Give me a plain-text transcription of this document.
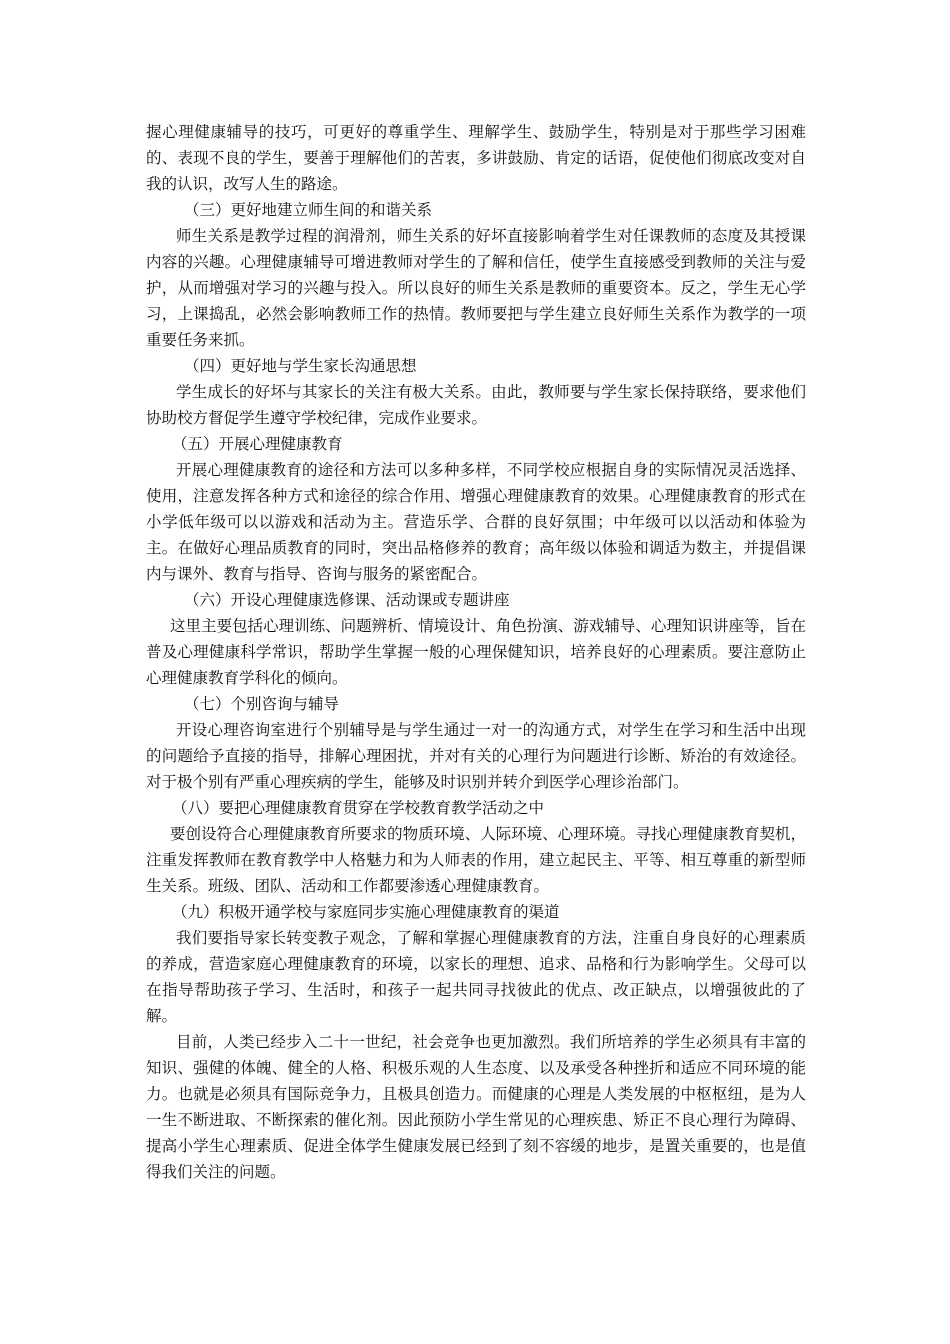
握心理健康辅导的技巧，可更好的尊重学生、理解学生、鼓励学生，特别是对于那些学习困难的、表现不良的学生，要善于理解他们的苦衷，多讲鼓励、肯定的话语，促使他们彻底改变对自我的认识，改写人生的路途。

（三）更好地建立师生间的和谐关系

师生关系是教学过程的润滑剂，师生关系的好坏直接影响着学生对任课教师的态度及其授课内容的兴趣。心理健康辅导可增进教师对学生的了解和信任，使学生直接感受到教师的关注与爱护，从而增强对学习的兴趣与投入。所以良好的师生关系是教师的重要资本。反之，学生无心学习，上课捣乱，必然会影响教师工作的热情。教师要把与学生建立良好师生关系作为教学的一项重要任务来抓。

（四）更好地与学生家长沟通思想

学生成长的好坏与其家长的关注有极大关系。由此，教师要与学生家长保持联络，要求他们协助校方督促学生遵守学校纪律，完成作业要求。

（五）开展心理健康教育

开展心理健康教育的途径和方法可以多种多样，不同学校应根据自身的实际情况灵活选择、使用，注意发挥各种方式和途径的综合作用、增强心理健康教育的效果。心理健康教育的形式在小学低年级可以以游戏和活动为主。营造乐学、合群的良好氛围；中年级可以以活动和体验为主。在做好心理品质教育的同时，突出品格修养的教育；高年级以体验和调适为数主，并提倡课内与课外、教育与指导、咨询与服务的紧密配合。

（六）开设心理健康选修课、活动课或专题讲座

这里主要包括心理训练、问题辨析、情境设计、角色扮演、游戏辅导、心理知识讲座等，旨在普及心理健康科学常识，帮助学生掌握一般的心理保健知识，培养良好的心理素质。要注意防止心理健康教育学科化的倾向。

（七）个别咨询与辅导

开设心理咨询室进行个别辅导是与学生通过一对一的沟通方式，对学生在学习和生活中出现的问题给予直接的指导，排解心理困扰，并对有关的心理行为问题进行诊断、矫治的有效途径。对于极个别有严重心理疾病的学生，能够及时识别并转介到医学心理诊治部门。

（八）要把心理健康教育贯穿在学校教育教学活动之中

要创设符合心理健康教育所要求的物质环境、人际环境、心理环境。寻找心理健康教育契机，注重发挥教师在教育教学中人格魅力和为人师表的作用，建立起民主、平等、相互尊重的新型师生关系。班级、团队、活动和工作都要渗透心理健康教育。

（九）积极开通学校与家庭同步实施心理健康教育的渠道

我们要指导家长转变教子观念，了解和掌握心理健康教育的方法，注重自身良好的心理素质的养成，营造家庭心理健康教育的环境，以家长的理想、追求、品格和行为影响学生。父母可以在指导帮助孩子学习、生活时，和孩子一起共同寻找彼此的优点、改正缺点，以增强彼此的了解。

目前，人类已经步入二十一世纪，社会竞争也更加激烈。我们所培养的学生必须具有丰富的知识、强健的体魄、健全的人格、积极乐观的人生态度、以及承受各种挫折和适应不同环境的能力。也就是必须具有国际竞争力，且极具创造力。而健康的心理是人类发展的中枢枢纽，是为人一生不断进取、不断探索的催化剂。因此预防小学生常见的心理疾患、矫正不良心理行为障碍、提高小学生心理素质、促进全体学生健康发展已经到了刻不容缓的地步，是置关重要的，也是值得我们关注的问题。
